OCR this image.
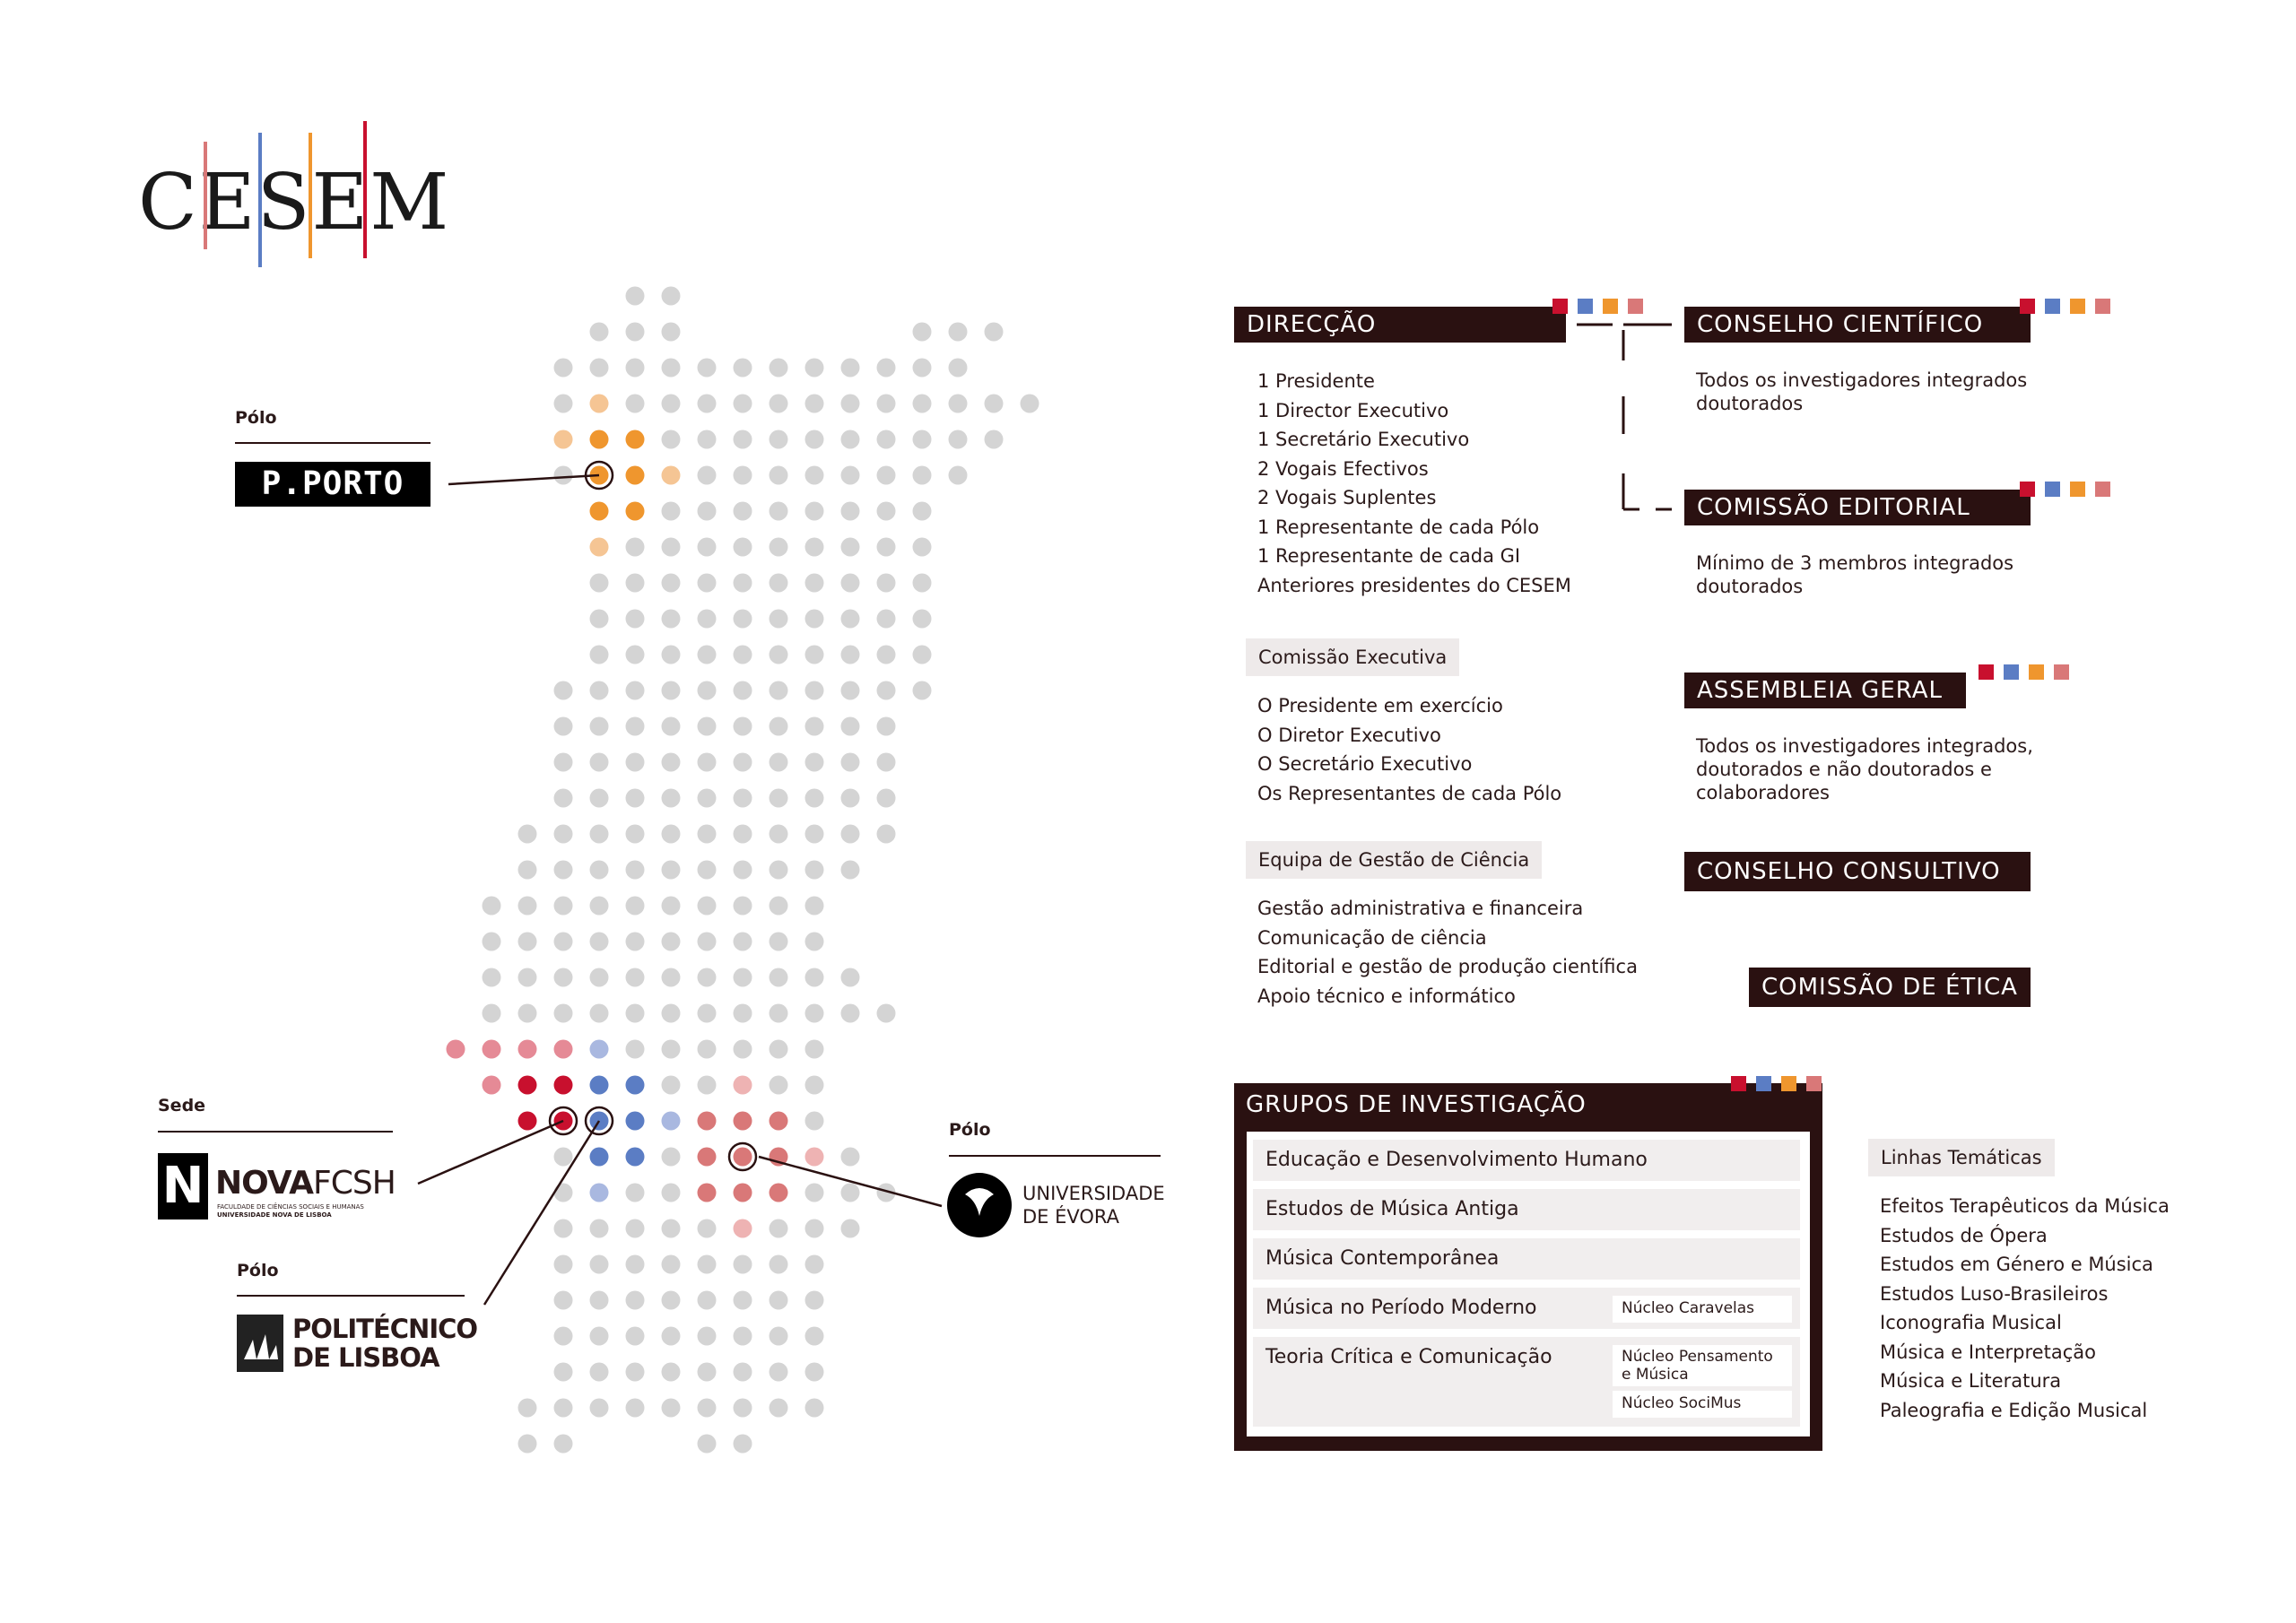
CESEM
Pólo
P.PORTO
Sede
N NOVAFCSH
FACULDADE DE CIÊNCIAS SOCIAIS E HUMANAS
UNIVERSIDADE NOVA DE LISBOA
Pólo
POLITÉCNICO
DE LISBOA
Pólo
UNIVERSIDADE
DE ÉVORA
DIRECÇÃO
1 Presidente
1 Director Executivo
1 Secretário Executivo
2 Vogais Efectivos
2 Vogais Suplentes
1 Representante de cada Pólo
1 Representante de cada GI
Anteriores presidentes do CESEM
CONSELHO CIENTÍFICO
Todos os investigadores integrados
doutorados
COMISSÃO EDITORIAL
Mínimo de 3 membros integrados
doutorados
Comissão Executiva
O Presidente em exercício
O Diretor Executivo
O Secretário Executivo
Os Representantes de cada Pólo
ASSEMBLEIA GERAL
Todos os investigadores integrados,
doutorados e não doutorados e
colaboradores
Equipa de Gestão de Ciência
Gestão administrativa e financeira
Comunicação de ciência
Editorial e gestão de produção científica
Apoio técnico e informático
CONSELHO CONSULTIVO
COMISSÃO DE ÉTICA
GRUPOS DE INVESTIGAÇÃO
Educação e Desenvolvimento Humano
Estudos de Música Antiga
Música Contemporânea
Música no Período Moderno
Teoria Crítica e Comunicação
Núcleo Caravelas
Núcleo Pensamento
e Música
Núcleo SociMus
Linhas Temáticas
Efeitos Terapêuticos da Música
Estudos de Ópera
Estudos em Género e Música
Estudos Luso-Brasileiros
Iconografia Musical
Música e Interpretação
Música e Literatura
Paleografia e Edição Musical
